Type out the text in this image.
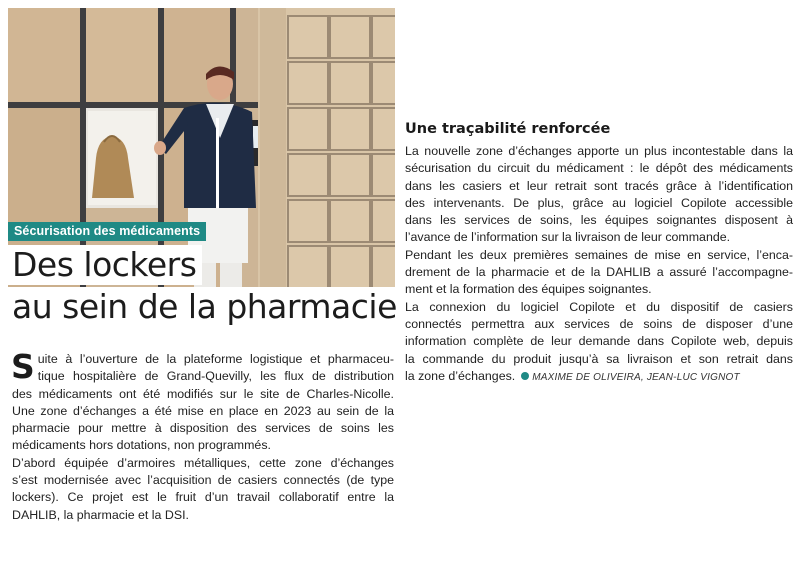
Sécurisation des médicaments
Des lockers
au sein de la pharmacie
S uite à l’ouverture de la plateforme logistique et pharmaceu-
tique hospitalière de Grand-Quevilly, les flux de distribution
des médicaments ont été modifiés sur le site de Charles-Nicolle.
Une zone d’échanges a été mise en place en 2023 au sein de la
pharmacie pour mettre à disposition des services de soins les
médicaments hors dotations, non programmés.
D’abord équipée d’armoires métalliques, cette zone d’échanges
s’est modernisée avec l’acquisition de casiers connectés (de type
lockers). Ce projet est le fruit d’un travail collaboratif entre la
DAHLIB, la pharmacie et la DSI.
Une traçabilité renforcée
La nouvelle zone d’échanges apporte un plus incontestable dans la
sécurisation du circuit du médicament : le dépôt des médicaments
dans les casiers et leur retrait sont tracés grâce à l’identification
des intervenants. De plus, grâce au logiciel Copilote accessible
dans les services de soins, les équipes soignantes disposent à
l’avance de l’information sur la livraison de leur commande.
Pendant les deux premières semaines de mise en service, l’enca-
drement de la pharmacie et de la DAHLIB a assuré l’accompagne-
ment et la formation des équipes soignantes.
La connexion du logiciel Copilote et du dispositif de casiers
connectés permettra aux services de soins de disposer d’une
information complète de leur demande dans Copilote web, depuis
la commande du produit jusqu’à sa livraison et son retrait dans
la zone d’échanges. MAXIME DE OLIVEIRA, JEAN-LUC VIGNOT
